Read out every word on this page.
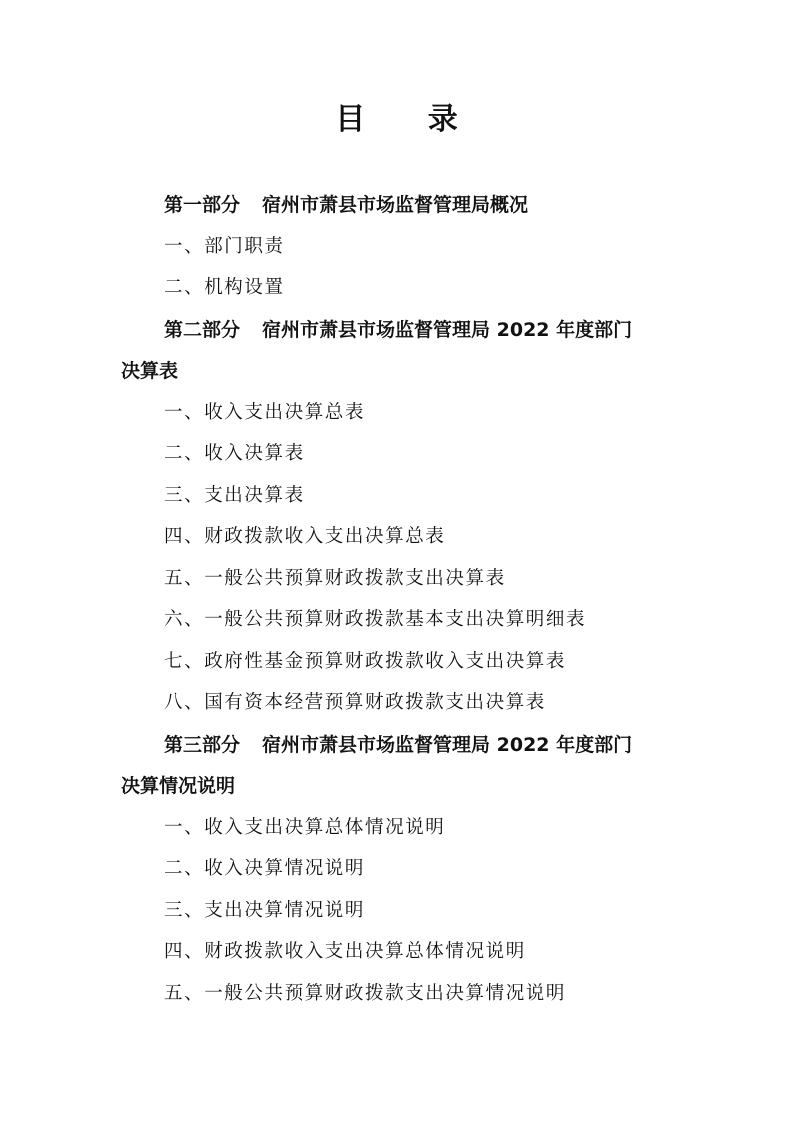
目 录
第一部分 宿州市萧县市场监督管理局概况
一、部门职责
二、机构设置
第二部分 宿州市萧县市场监督管理局 2022 年度部门
决算表
一、收入支出决算总表
二、收入决算表
三、支出决算表
四、财政拨款收入支出决算总表
五、一般公共预算财政拨款支出决算表
六、一般公共预算财政拨款基本支出决算明细表
七、政府性基金预算财政拨款收入支出决算表
八、国有资本经营预算财政拨款支出决算表
第三部分 宿州市萧县市场监督管理局 2022 年度部门
决算情况说明
一、收入支出决算总体情况说明
二、收入决算情况说明
三、支出决算情况说明
四、财政拨款收入支出决算总体情况说明
五、一般公共预算财政拨款支出决算情况说明
